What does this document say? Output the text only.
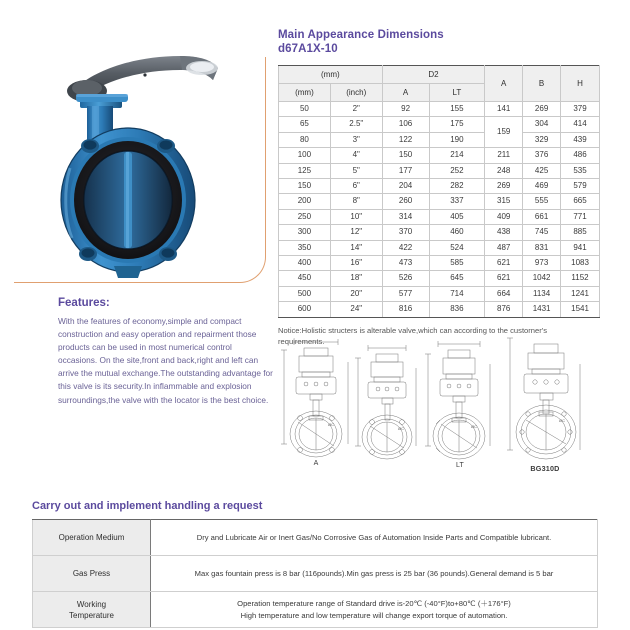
Main Appearance Dimensions
d67A1X-10
(mm)		D2		A	B	H
(mm)	(inch)	A	LT			
50	2"	92	155	141	269	379
65	2.5"	106	175	159	304	414
80	3"	122	190		329	439
100	4"	150	214	211	376	486
125	5"	177	252	248	425	535
150	6"	204	282	269	469	579
200	8"	260	337	315	555	665
250	10"	314	405	409	661	771
300	12"	370	460	438	745	885
350	14"	422	524	487	831	941
400	16"	473	585	621	973	1083
450	18"	526	645	621	1042	1152
500	20"	577	714	664	1134	1241
600	24"	816	836	876	1431	1541
Notice:Holistic structers is alterable valve,which can according to the custorner's requirements.
Features:
With the features of economy,simple and compact construction and easy operation and repairment those products can be used in most numerical control occasions. On the site,front and back,right and left can arrive the mutual exchange.The outstanding advantage for this valve is its security.In inflammable and explosion surroundings,the valve with the locator is the best choice.
ØC
A
ØC	ØC
LT
ØC
BG310D
Carry out and implement handling a request
Operation Medium	Dry and Lubricate Air or Inert Gas/No Corrosive Gas of Automation Inside Parts and Compatible lubricant.
Gas Press	Max gas fountain press is 8 bar (116pounds).Min gas press is 25 bar (36 pounds).General demand is 5 bar
Working
Temperature	Operation temperature range of Standard drive is-20℃ (-40°F)to+80℃ (＋176°F)
High temperature and low temperature will change export torque of automation.
